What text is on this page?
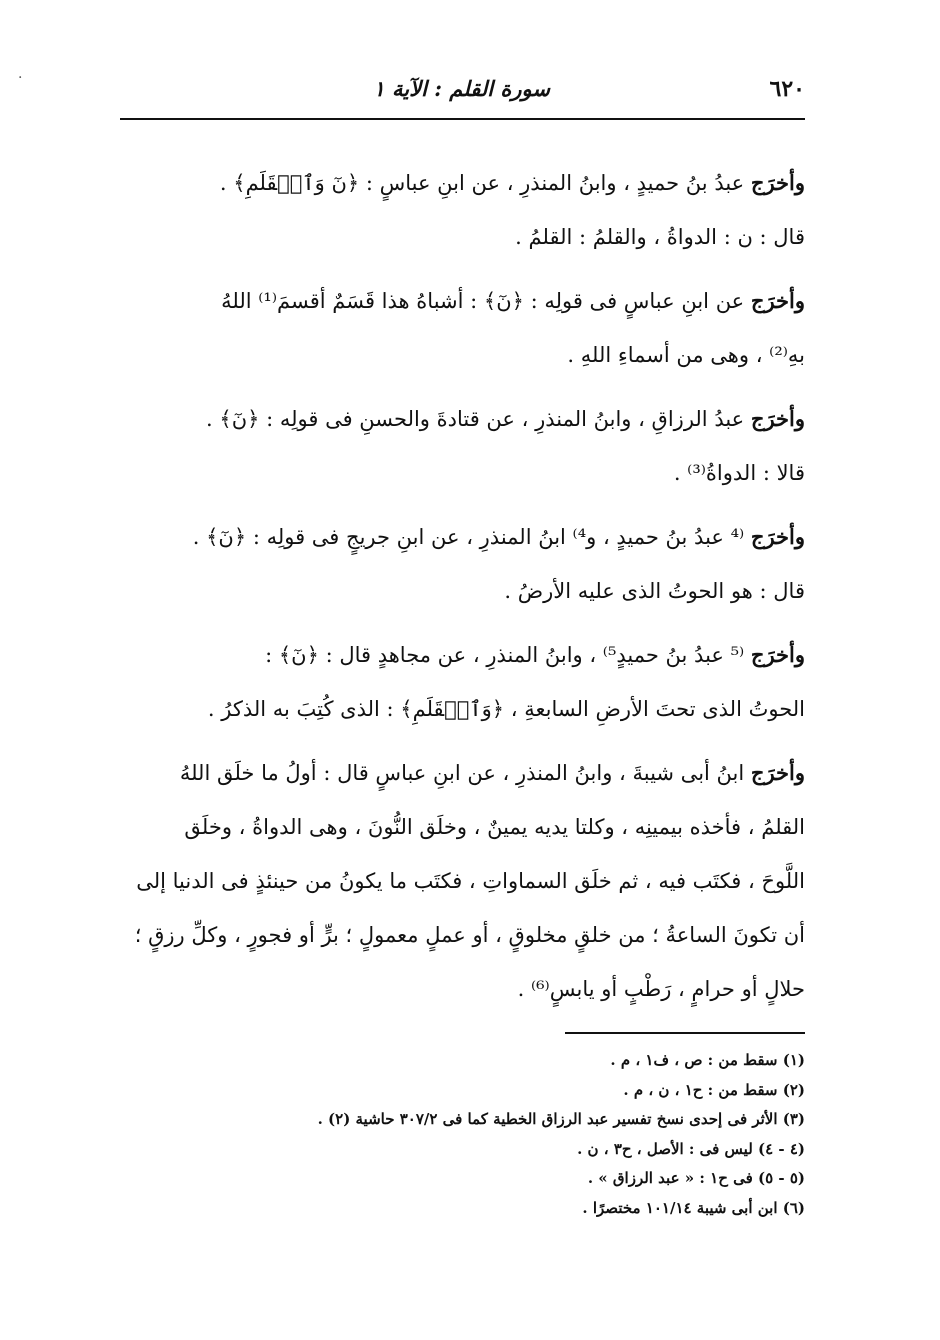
·	٦٢٠
سورة القلم : الآية ١

وأخرَج عبدُ بنُ حميدٍ ، وابنُ المنذرِ ، عن ابنِ عباسٍ : ﴿نٓ وَٱلۡقَلَمِ﴾ .
قال : ن : الدواةُ ، والقلمُ : القلمُ .

وأخرَج عن ابنِ عباسٍ فى قولِه : ﴿نٓ﴾ : أشباهُ هذا قَسَمٌ أقسمَ⁽¹⁾ اللهُ
بهِ⁽²⁾ ، وهى من أسماءِ اللهِ .

وأخرَج عبدُ الرزاقِ ، وابنُ المنذرِ ، عن قتادةَ والحسنِ فى قولِه : ﴿نٓ﴾ .
قالا : الدواةُ⁽³⁾ .

وأخرَج ⁽⁴ عبدُ بنُ حميدٍ ، و⁴⁾ ابنُ المنذرِ ، عن ابنِ جريجٍ فى قولِه : ﴿نٓ﴾ .
قال : هو الحوتُ الذى عليه الأرضُ .

وأخرَج ⁽⁵ عبدُ بنُ حميدٍ⁵⁾ ، وابنُ المنذرِ ، عن مجاهدٍ قال : ﴿نٓ﴾ :
الحوتُ الذى تحتَ الأرضِ السابعةِ ، ﴿وَٱلۡقَلَمِ﴾ : الذى كُتِبَ به الذكرُ .

وأخرَج ابنُ أبى شيبةَ ، وابنُ المنذرِ ، عن ابنِ عباسٍ قال : أولُ ما خلَق اللهُ
القلمُ ، فأخذه بيمينِه ، وكلتا يديه يمينٌ ، وخلَق النُّونَ ، وهى الدواةُ ، وخلَق
اللَّوحَ ، فكتَب فيه ، ثم خلَق السماواتِ ، فكتَب ما يكونُ من حينئذٍ فى الدنيا إلى
أن تكونَ الساعةُ ؛ من خلقٍ مخلوقٍ ، أو عملٍ معمولٍ ؛ برٍّ أو فجورٍ ، وكلِّ رزقٍ ؛
حلالٍ أو حرامٍ ، رَطْبٍ أو يابسٍ⁽⁶⁾ .

(١) سقط من : ص ، ف١ ، م .
(٢) سقط من : ح١ ، ن ، م .
(٣) الأثر فى إحدى نسخ تفسير عبد الرزاق الخطية كما فى ٣٠٧/٢ حاشية (٢) .
(٤ - ٤) ليس فى : الأصل ، ح٣ ، ن .
(٥ - ٥) فى ح١ : « عبد الرزاق » .
(٦) ابن أبى شيبة ١٠١/١٤ مختصرًا .
